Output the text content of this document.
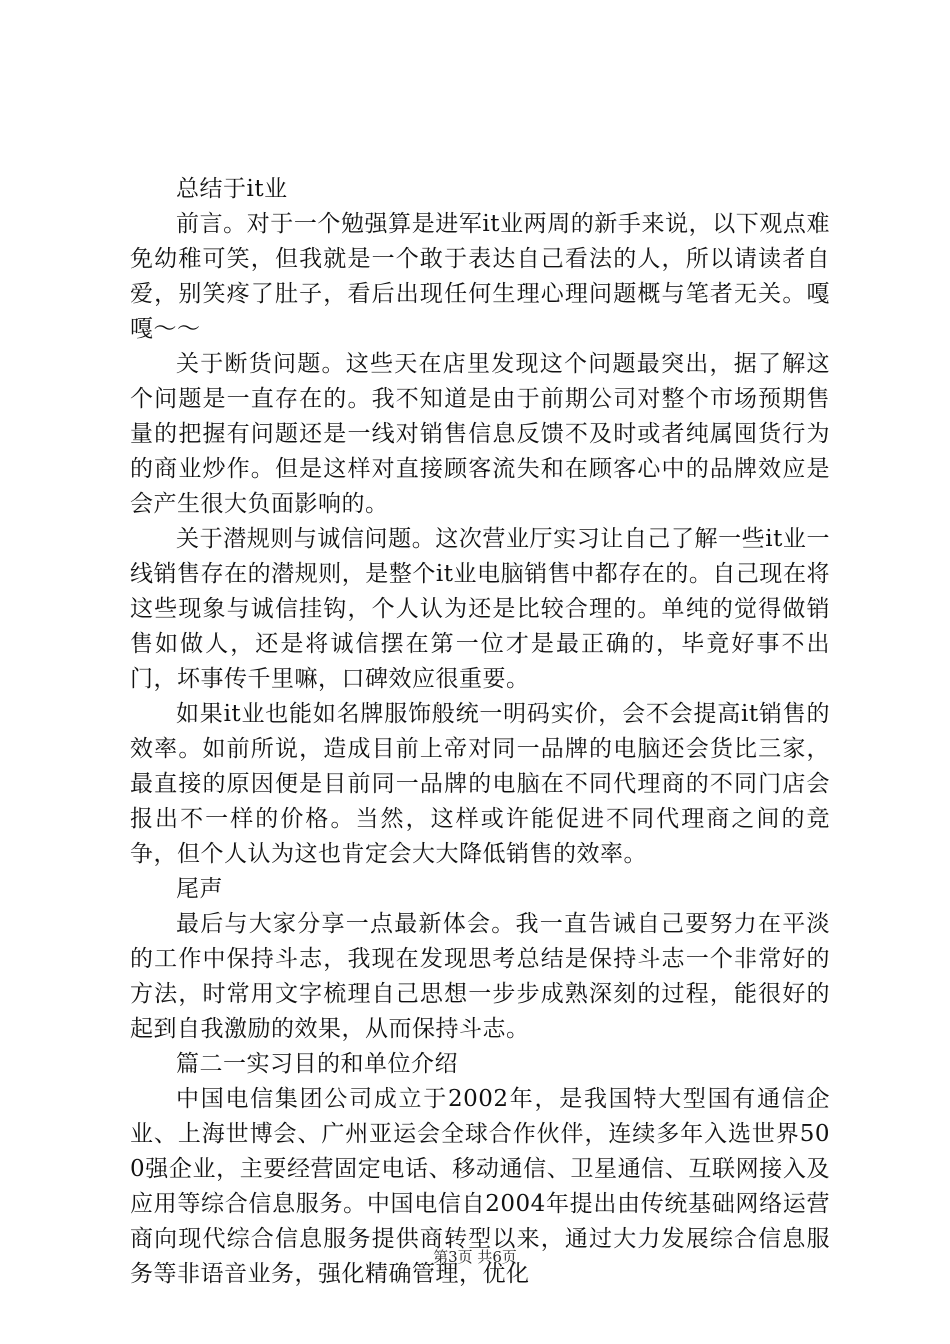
总结于it业

前言。对于一个勉强算是进军it业两周的新手来说，以下观点难免幼稚可笑，但我就是一个敢于表达自己看法的人，所以请读者自爱，别笑疼了肚子，看后出现任何生理心理问题概与笔者无关。嘎嘎～～

关于断货问题。这些天在店里发现这个问题最突出，据了解这个问题是一直存在的。我不知道是由于前期公司对整个市场预期售量的把握有问题还是一线对销售信息反馈不及时或者纯属囤货行为的商业炒作。但是这样对直接顾客流失和在顾客心中的品牌效应是会产生很大负面影响的。

关于潜规则与诚信问题。这次营业厅实习让自己了解一些it业一线销售存在的潜规则，是整个it业电脑销售中都存在的。自己现在将这些现象与诚信挂钩，个人认为还是比较合理的。单纯的觉得做销售如做人，还是将诚信摆在第一位才是最正确的，毕竟好事不出门，坏事传千里嘛，口碑效应很重要。

如果it业也能如名牌服饰般统一明码实价，会不会提高it销售的效率。如前所说，造成目前上帝对同一品牌的电脑还会货比三家，最直接的原因便是目前同一品牌的电脑在不同代理商的不同门店会报出不一样的价格。当然，这样或许能促进不同代理商之间的竞争，但个人认为这也肯定会大大降低销售的效率。

尾声

最后与大家分享一点最新体会。我一直告诫自己要努力在平淡的工作中保持斗志，我现在发现思考总结是保持斗志一个非常好的方法，时常用文字梳理自己思想一步步成熟深刻的过程，能很好的起到自我激励的效果，从而保持斗志。

篇二一实习目的和单位介绍

中国电信集团公司成立于2002年，是我国特大型国有通信企业、上海世博会、广州亚运会全球合作伙伴，连续多年入选世界500强企业，主要经营固定电话、移动通信、卫星通信、互联网接入及应用等综合信息服务。中国电信自2004年提出由传统基础网络运营商向现代综合信息服务提供商转型以来，通过大力发展综合信息服务等非语音业务，强化精确管理，优化

第3页 共6页
